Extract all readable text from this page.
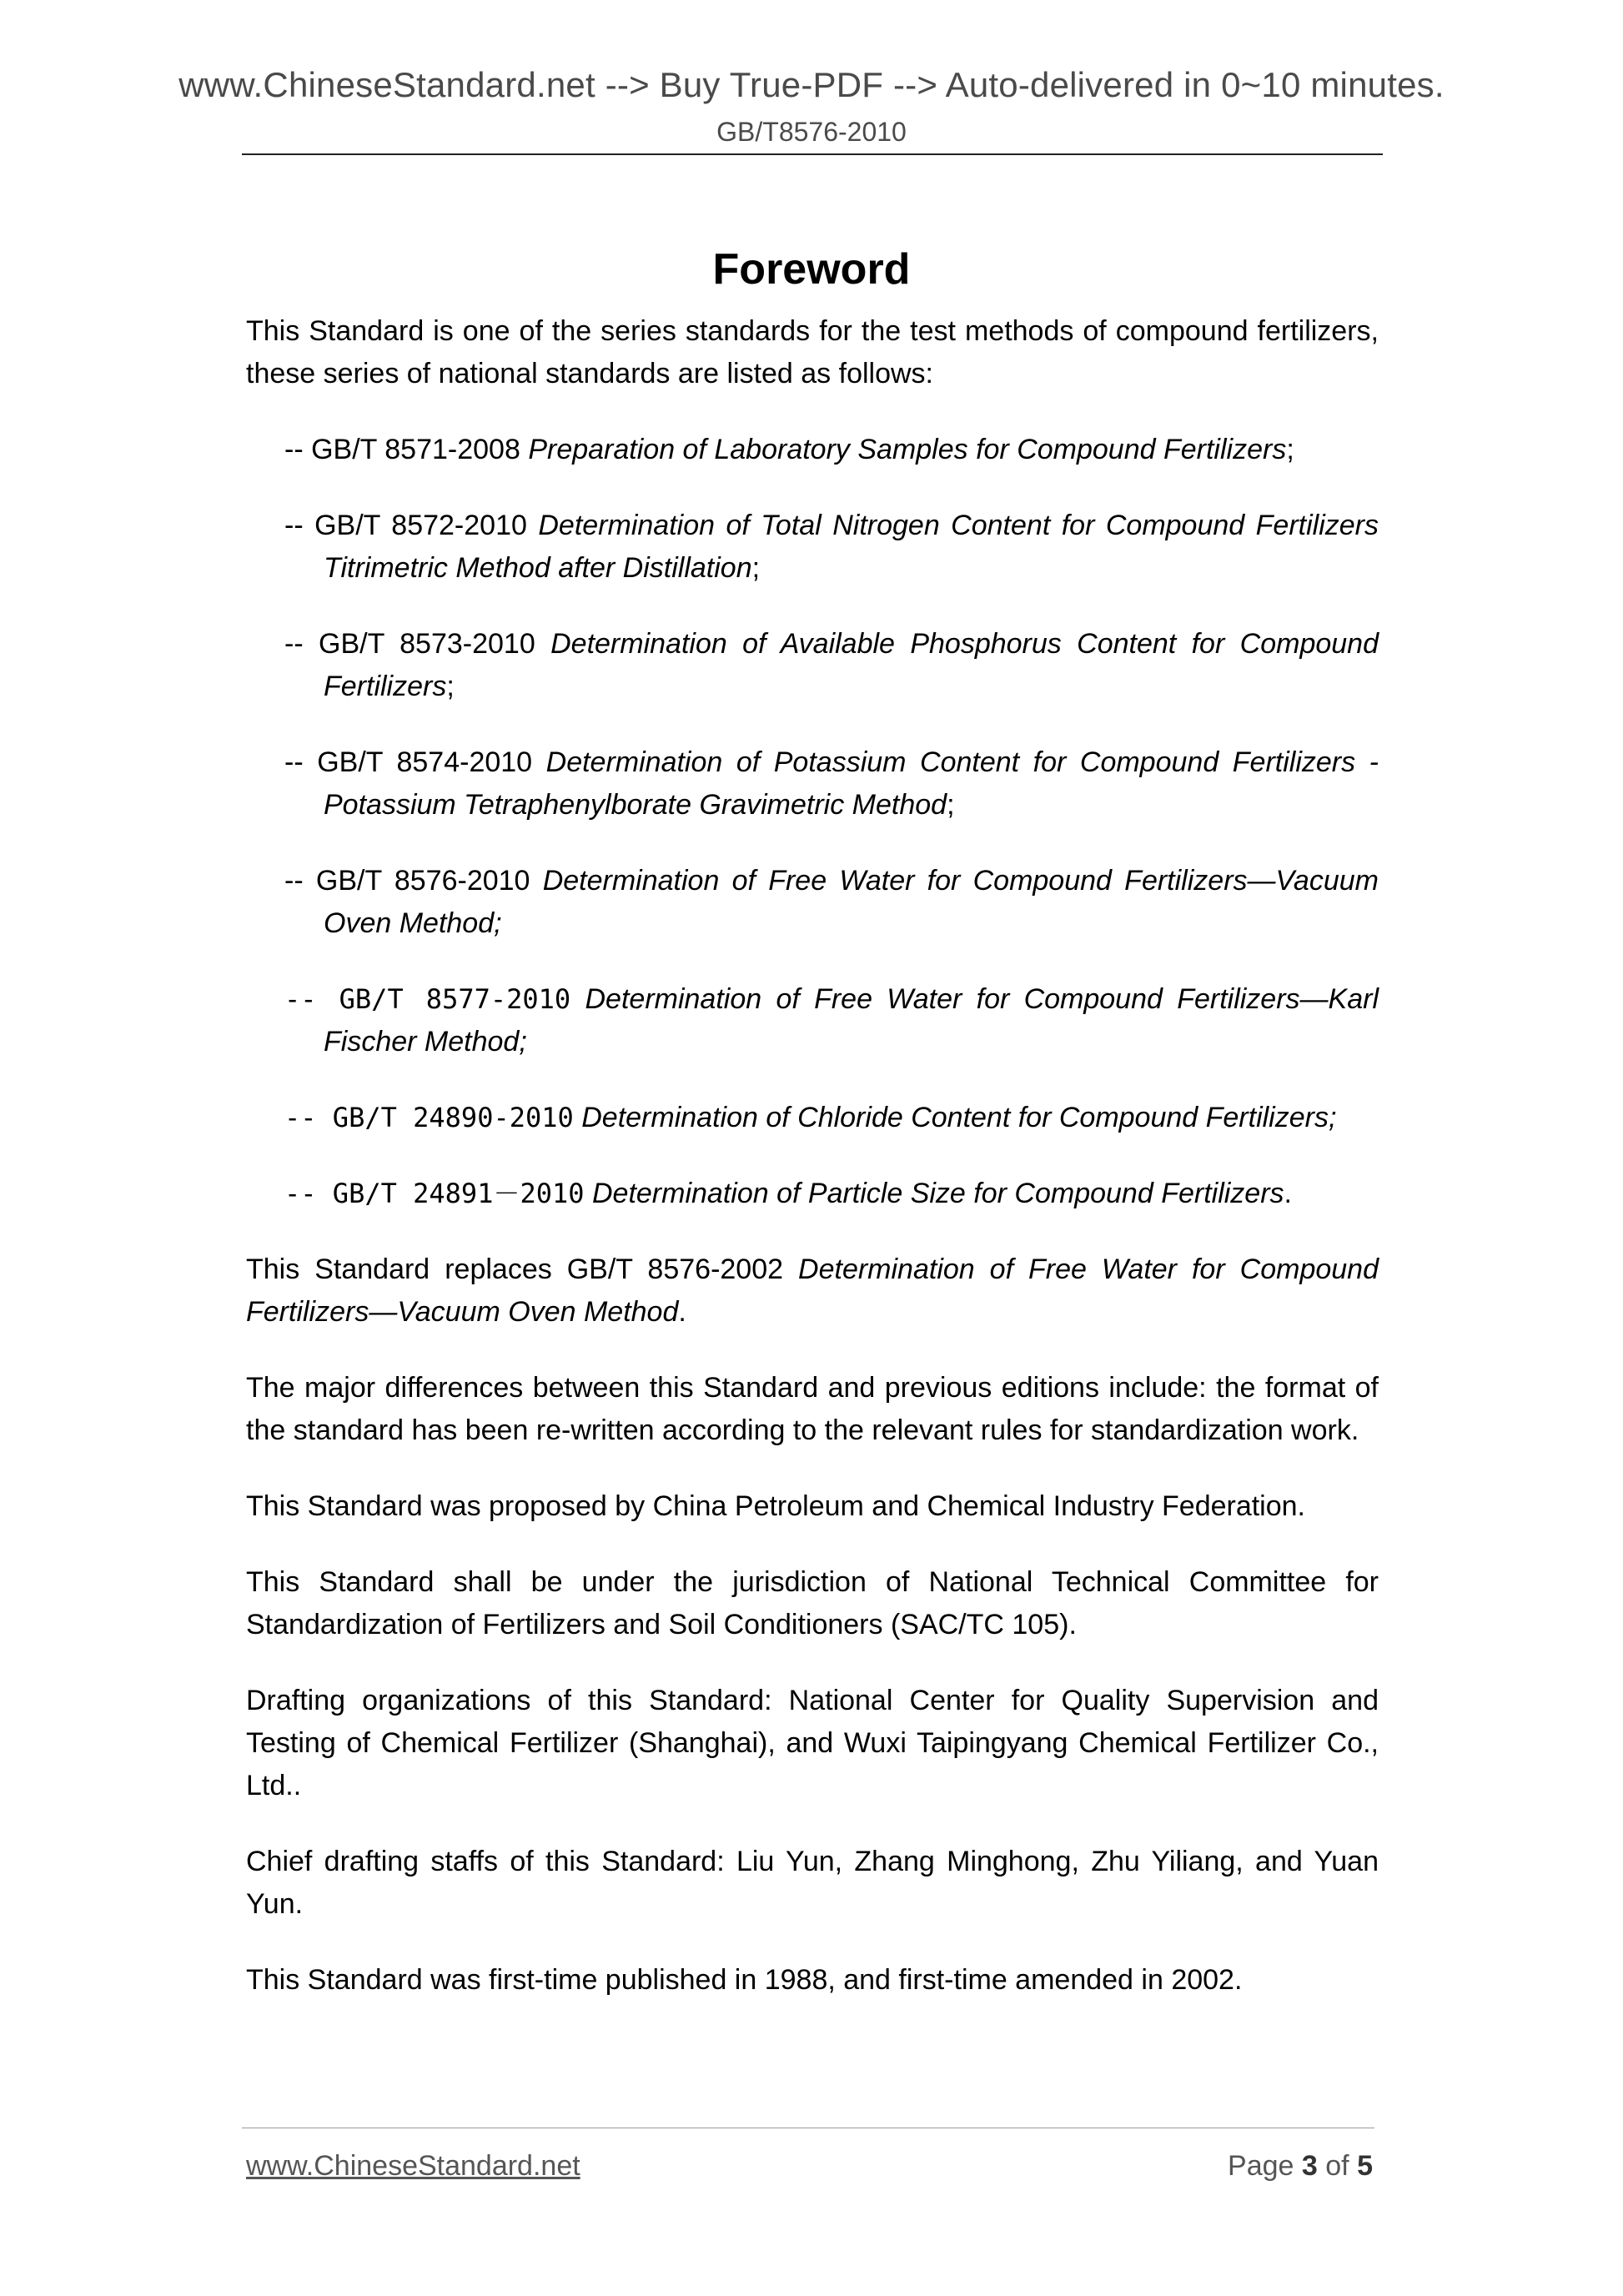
www.ChineseStandard.net --> Buy True-PDF --> Auto-delivered in 0~10 minutes.
GB/T8576-2010
Foreword

This Standard is one of the series standards for the test methods of compound fertilizers, these series of national standards are listed as follows:

-- GB/T 8571-2008 Preparation of Laboratory Samples for Compound Fertilizers;
-- GB/T 8572-2010 Determination of Total Nitrogen Content for Compound Fertilizers Titrimetric Method after Distillation;
-- GB/T 8573-2010 Determination of Available Phosphorus Content for Compound Fertilizers;
-- GB/T 8574-2010 Determination of Potassium Content for Compound Fertilizers - Potassium Tetraphenylborate Gravimetric Method;
-- GB/T 8576-2010 Determination of Free Water for Compound Fertilizers—Vacuum Oven Method;
-- GB/T 8577-2010 Determination of Free Water for Compound Fertilizers—Karl Fischer Method;
-- GB/T 24890-2010 Determination of Chloride Content for Compound Fertilizers;
-- GB/T 24891－2010 Determination of Particle Size for Compound Fertilizers.

This Standard replaces GB/T 8576-2002 Determination of Free Water for Compound Fertilizers—Vacuum Oven Method.

The major differences between this Standard and previous editions include: the format of the standard has been re-written according to the relevant rules for standardization work.

This Standard was proposed by China Petroleum and Chemical Industry Federation.

This Standard shall be under the jurisdiction of National Technical Committee for Standardization of Fertilizers and Soil Conditioners (SAC/TC 105).

Drafting organizations of this Standard: National Center for Quality Supervision and Testing of Chemical Fertilizer (Shanghai), and Wuxi Taipingyang Chemical Fertilizer Co., Ltd..

Chief drafting staffs of this Standard: Liu Yun, Zhang Minghong, Zhu Yiliang, and Yuan Yun.

This Standard was first-time published in 1988, and first-time amended in 2002.

www.ChineseStandard.net	Page 3 of 5
